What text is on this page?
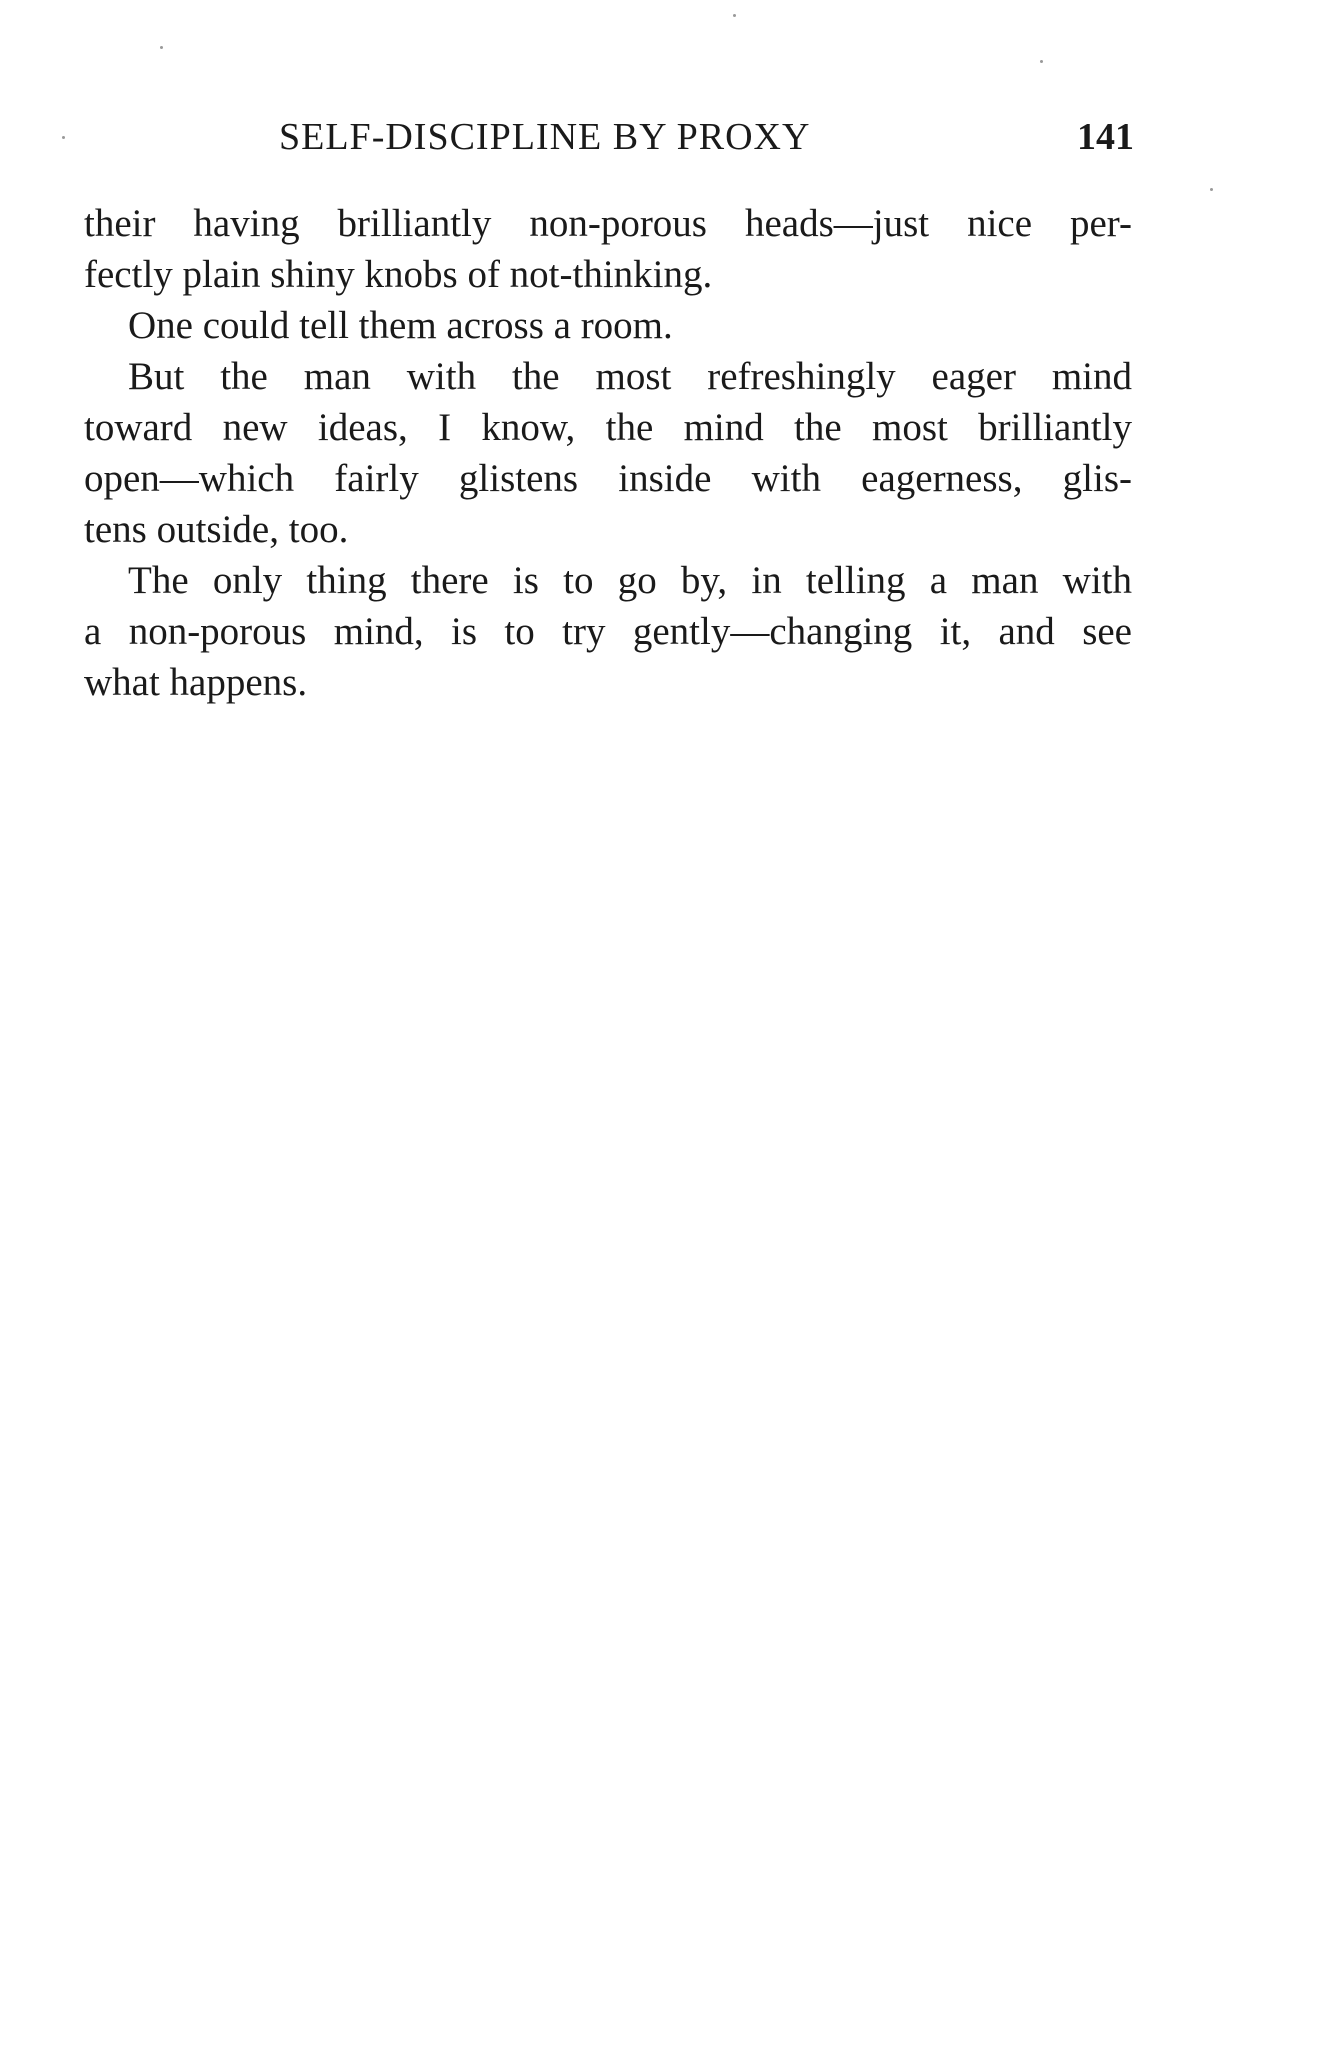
SELF-DISCIPLINE BY PROXY	141
their having brilliantly non-porous heads—just nice per-
fectly plain shiny knobs of not-thinking.
One could tell them across a room.
But the man with the most refreshingly eager mind
toward new ideas, I know, the mind the most brilliantly
open—which fairly glistens inside with eagerness, glis-
tens outside, too.
The only thing there is to go by, in telling a man with
a non-porous mind, is to try gently—changing it, and see
what happens.
